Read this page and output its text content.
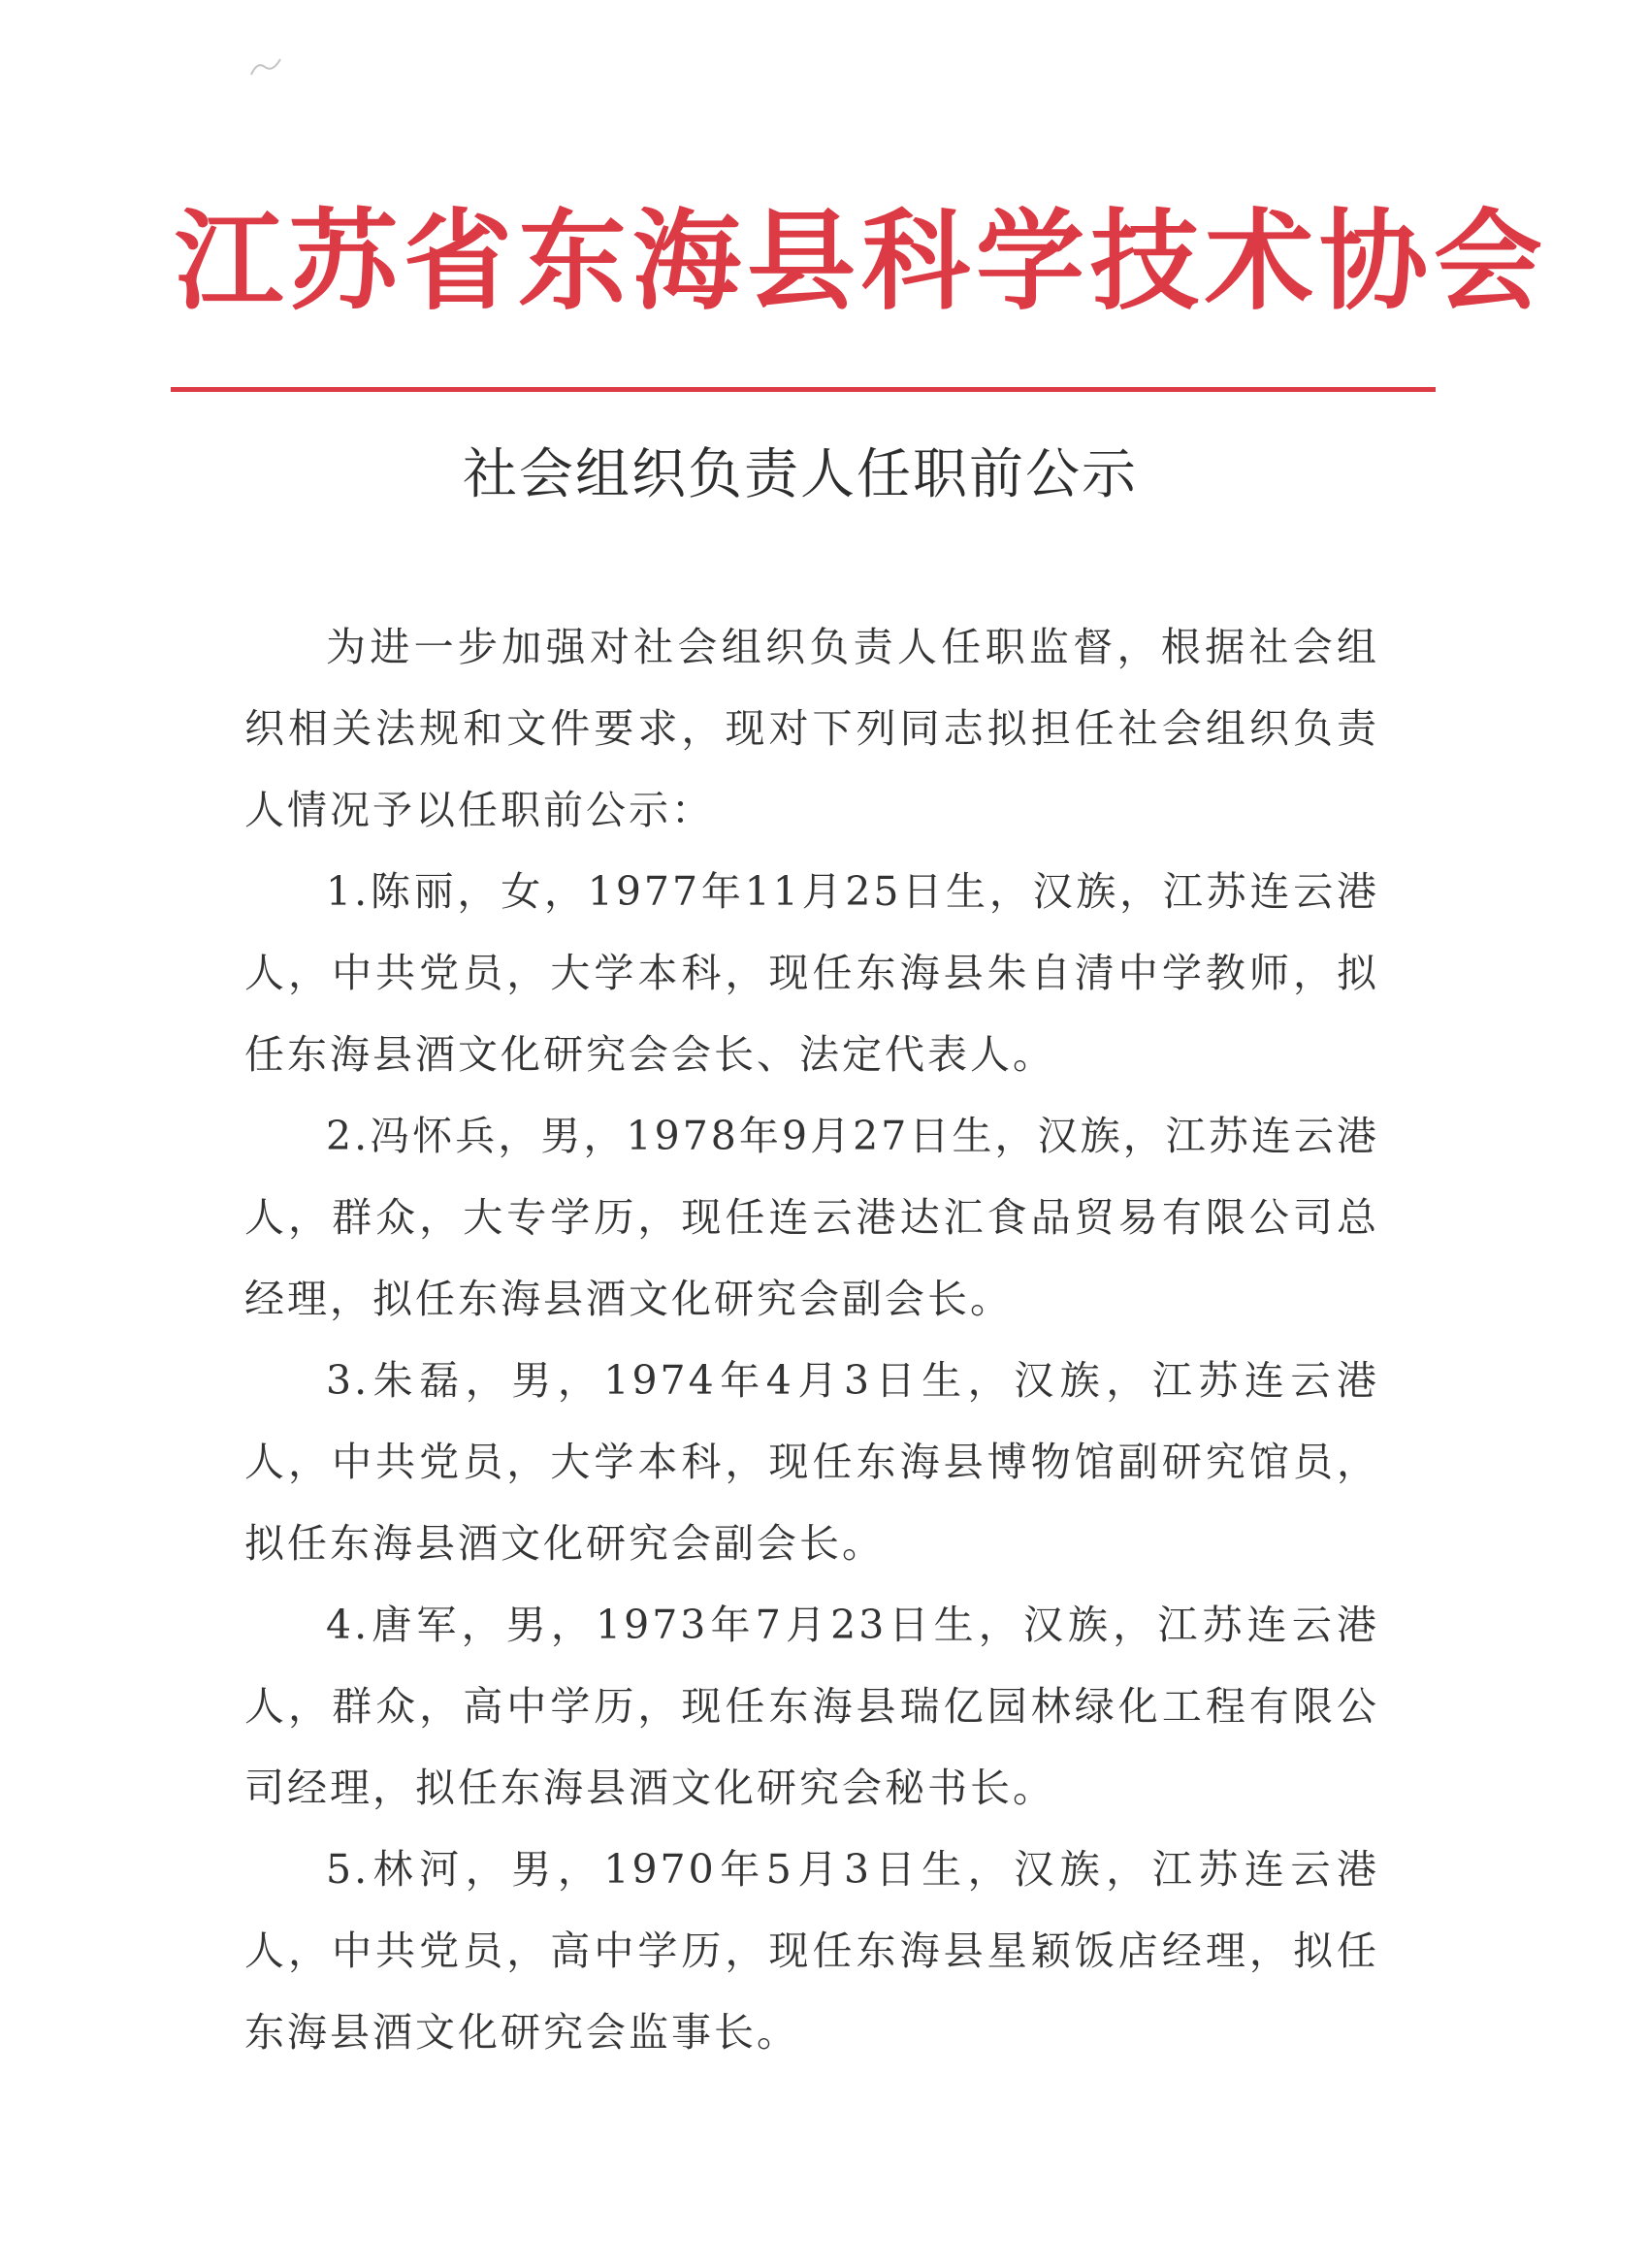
江苏省东海县科学技术协会
社会组织负责人任职前公示

为进一步加强对社会组织负责人任职监督，根据社会组织相关法规和文件要求，现对下列同志拟担任社会组织负责人情况予以任职前公示：

1.陈丽，女，1977年11月25日生，汉族，江苏连云港人，中共党员，大学本科，现任东海县朱自清中学教师，拟任东海县酒文化研究会会长、法定代表人。

2.冯怀兵，男，1978年9月27日生，汉族，江苏连云港人，群众，大专学历，现任连云港达汇食品贸易有限公司总经理，拟任东海县酒文化研究会副会长。

3.朱磊，男，1974年4月3日生，汉族，江苏连云港人，中共党员，大学本科，现任东海县博物馆副研究馆员，拟任东海县酒文化研究会副会长。

4.唐军，男，1973年7月23日生，汉族，江苏连云港人，群众，高中学历，现任东海县瑞亿园林绿化工程有限公司经理，拟任东海县酒文化研究会秘书长。

5.林河，男，1970年5月3日生，汉族，江苏连云港人，中共党员，高中学历，现任东海县星颖饭店经理，拟任东海县酒文化研究会监事长。
